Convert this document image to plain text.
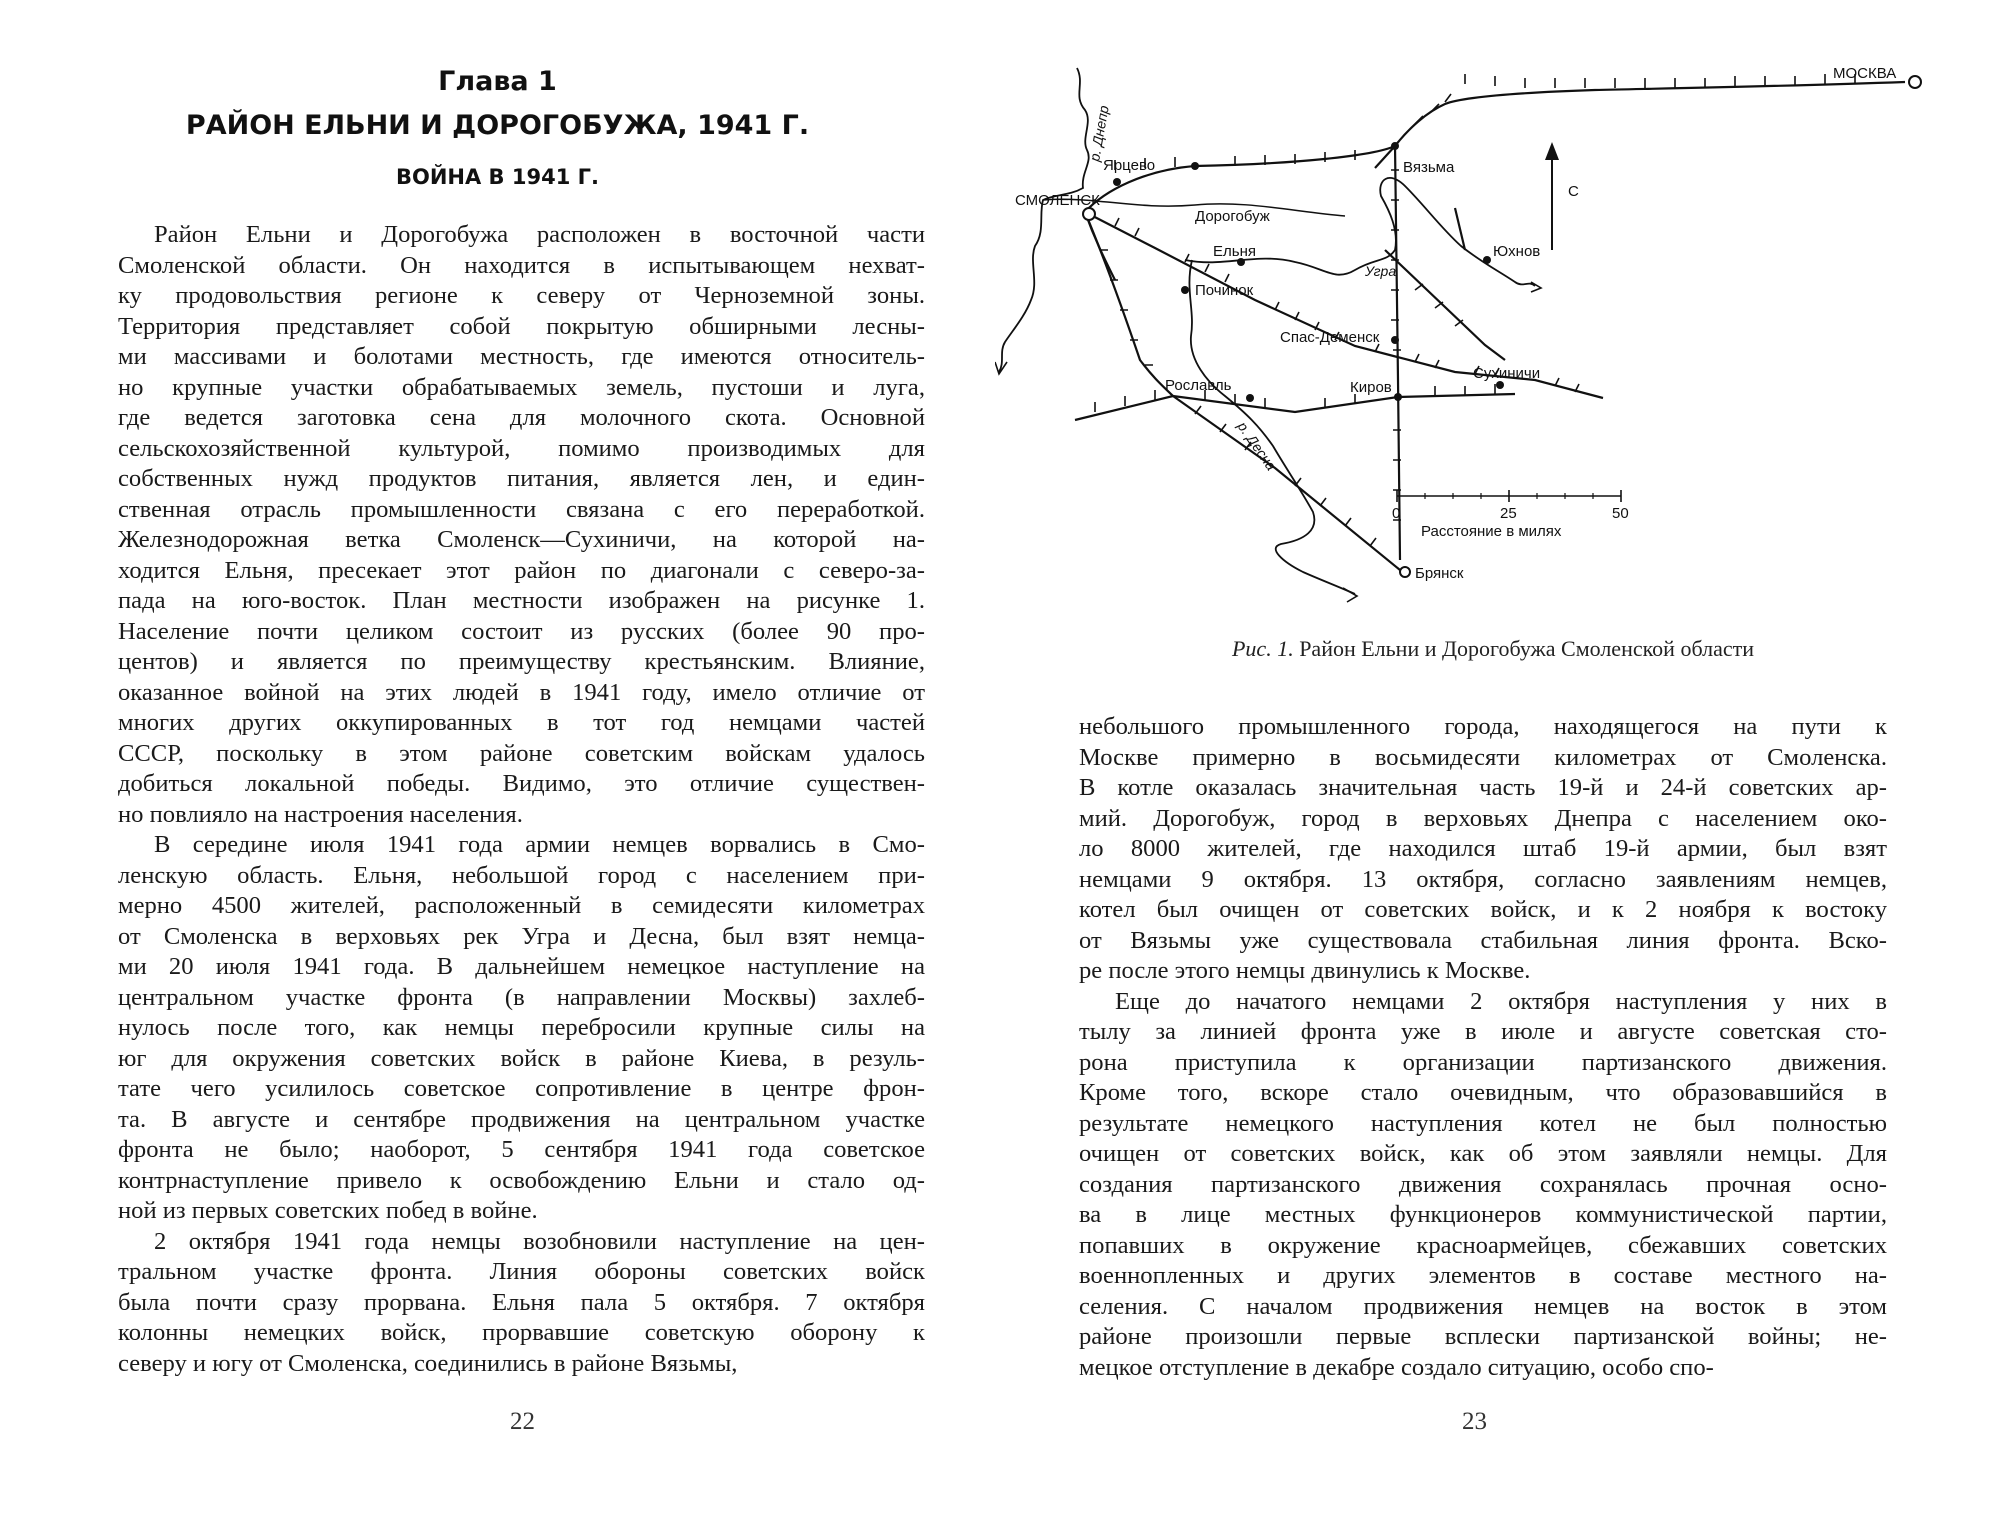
Глава 1
РАЙОН ЕЛЬНИ И ДОРОГОБУЖА, 1941 Г.
ВОЙНА В 1941 Г.
Район Ельни и Дорогобужа расположен в восточной части
Смоленской области. Он находится в испытывающем нехват-
ку продовольствия регионе к северу от Черноземной зоны.
Территория представляет собой покрытую обширными лесны-
ми массивами и болотами местность, где имеются относитель-
но крупные участки обрабатываемых земель, пустоши и луга,
где ведется заготовка сена для молочного скота. Основной
сельскохозяйственной культурой, помимо производимых для
собственных нужд продуктов питания, является лен, и един-
ственная отрасль промышленности связана с его переработкой.
Железнодорожная ветка Смоленск—Сухиничи, на которой на-
ходится Ельня, пресекает этот район по диагонали с северо-за-
пада на юго-восток. План местности изображен на рисунке 1.
Население почти целиком состоит из русских (более 90 про-
центов) и является по преимуществу крестьянским. Влияние,
оказанное войной на этих людей в 1941 году, имело отличие от
многих других оккупированных в тот год немцами частей
СССР, поскольку в этом районе советским войскам удалось
добиться локальной победы. Видимо, это отличие существен-
но повлияло на настроения населения.
В середине июля 1941 года армии немцев ворвались в Смо-
ленскую область. Ельня, небольшой город с населением при-
мерно 4500 жителей, расположенный в семидесяти километрах
от Смоленска в верховьях рек Угра и Десна, был взят немца-
ми 20 июля 1941 года. В дальнейшем немецкое наступление на
центральном участке фронта (в направлении Москвы) захлеб-
нулось после того, как немцы перебросили крупные силы на
юг для окружения советских войск в районе Киева, в резуль-
тате чего усилилось советское сопротивление в центре фрон-
та. В августе и сентябре продвижения на центральном участке
фронта не было; наоборот, 5 сентября 1941 года советское
контрнаступление привело к освобождению Ельни и стало од-
ной из первых советских побед в войне.
2 октября 1941 года немцы возобновили наступление на цен-
тральном участке фронта. Линия обороны советских войск
была почти сразу прорвана. Ельня пала 5 октября. 7 октября
колонны немецких войск, прорвавшие советскую оборону к
северу и югу от Смоленска, соединились в районе Вязьмы,
22
МОСКВА
Ярцево	Вязьма
СМОЛЕНСК
Дорогобуж
Юхнов
Ельня
Починок
Спас-Деменск
Сухиничи
Рославль	Киров
Брянск
р. Днепр
Угра
р. Десна
С
0	25	50
Расстояние в милях

Рис. 1. Район Ельни и Дорогобужа Смоленской области

небольшого промышленного города, находящегося на пути к
Москве примерно в восьмидесяти километрах от Смоленска.
В котле оказалась значительная часть 19-й и 24-й советских ар-
мий. Дорогобуж, город в верховьях Днепра с населением око-
ло 8000 жителей, где находился штаб 19-й армии, был взят
немцами 9 октября. 13 октября, согласно заявлениям немцев,
котел был очищен от советских войск, и к 2 ноября к востоку
от Вязьмы уже существовала стабильная линия фронта. Вско-
ре после этого немцы двинулись к Москве.
Еще до начатого немцами 2 октября наступления у них в
тылу за линией фронта уже в июле и августе советская сто-
рона приступила к организации партизанского движения.
Кроме того, вскоре стало очевидным, что образовавшийся в
результате немецкого наступления котел не был полностью
очищен от советских войск, как об этом заявляли немцы. Для
создания партизанского движения сохранялась прочная осно-
ва в лице местных функционеров коммунистической партии,
попавших в окружение красноармейцев, сбежавших советских
военнопленных и других элементов в составе местного на-
селения. С началом продвижения немцев на восток в этом
районе произошли первые всплески партизанской войны; не-
мецкое отступление в декабре создало ситуацию, особо спо-
23
